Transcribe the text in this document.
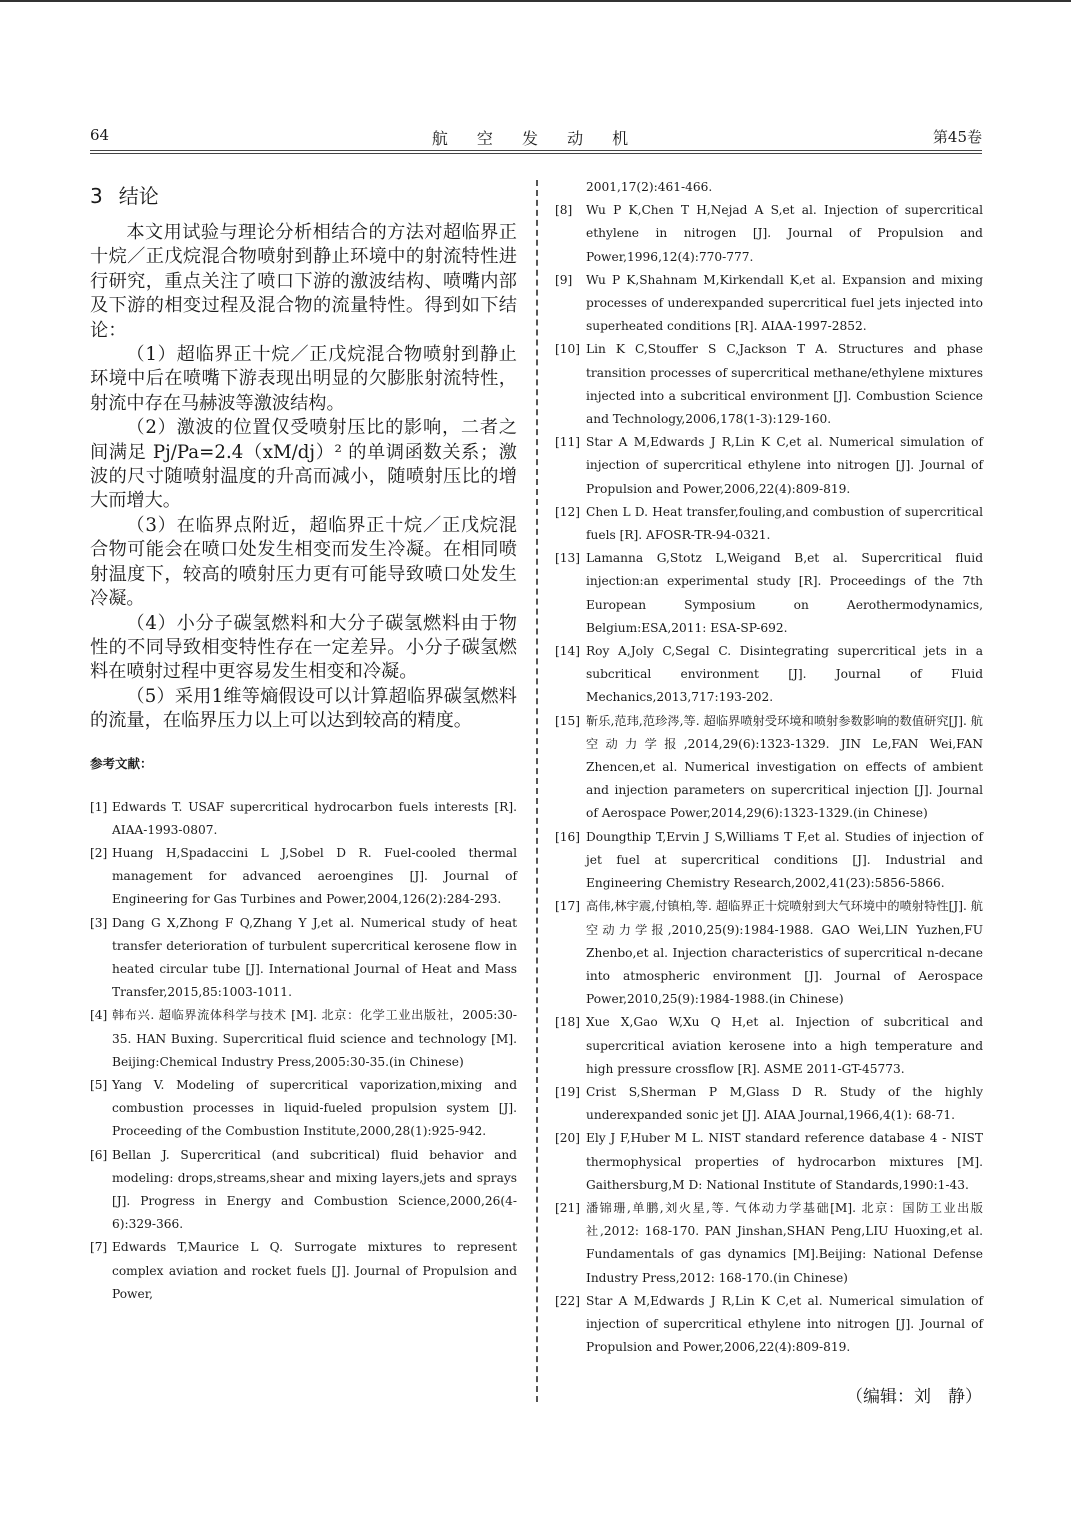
64	航 空 发 动 机	第45卷
3 结论

本文用试验与理论分析相结合的方法对超临界正十烷／正戊烷混合物喷射到静止环境中的射流特性进行研究，重点关注了喷口下游的激波结构、喷嘴内部及下游的相变过程及混合物的流量特性。得到如下结论：

（1）超临界正十烷／正戊烷混合物喷射到静止环境中后在喷嘴下游表现出明显的欠膨胀射流特性，射流中存在马赫波等激波结构。

（2）激波的位置仅受喷射压比的影响，二者之间满足 Pj/Pa=2.4（xM/dj）² 的单调函数关系；激波的尺寸随喷射温度的升高而减小，随喷射压比的增大而增大。

（3）在临界点附近，超临界正十烷／正戊烷混合物可能会在喷口处发生相变而发生冷凝。在相同喷射温度下，较高的喷射压力更有可能导致喷口处发生冷凝。

（4）小分子碳氢燃料和大分子碳氢燃料由于物性的不同导致相变特性存在一定差异。小分子碳氢燃料在喷射过程中更容易发生相变和冷凝。

（5）采用1维等熵假设可以计算超临界碳氢燃料的流量，在临界压力以上可以达到较高的精度。

参考文献：
[1] Edwards T. USAF supercritical hydrocarbon fuels interests [R]. AIAA-1993-0807.
[2] Huang H,Spadaccini L J,Sobel D R. Fuel-cooled thermal management for advanced aeroengines [J]. Journal of Engineering for Gas Turbines and Power,2004,126(2):284-293.
[3] Dang G X,Zhong F Q,Zhang Y J,et al. Numerical study of heat transfer deterioration of turbulent supercritical kerosene flow in heated circular tube [J]. International Journal of Heat and Mass Transfer,2015,85:1003-1011.
[4] 韩布兴. 超临界流体科学与技术 [M]. 北京：化学工业出版社，2005:30-35. HAN Buxing. Supercritical fluid science and technology [M]. Beijing:Chemical Industry Press,2005:30-35.(in Chinese)
[5] Yang V. Modeling of supercritical vaporization,mixing and combustion processes in liquid-fueled propulsion system [J]. Proceeding of the Combustion Institute,2000,28(1):925-942.
[6] Bellan J. Supercritical (and subcritical) fluid behavior and modeling: drops,streams,shear and mixing layers,jets and sprays [J]. Progress in Energy and Combustion Science,2000,26(4-6):329-366.
[7] Edwards T,Maurice L Q. Surrogate mixtures to represent complex aviation and rocket fuels [J]. Journal of Propulsion and Power,
2001,17(2):461-466.
[8]	Wu P K,Chen T H,Nejad A S,et al. Injection of supercritical ethylene in nitrogen [J]. Journal of Propulsion and Power,1996,12(4):770-777.
[9]	Wu P K,Shahnam M,Kirkendall K,et al. Expansion and mixing processes of underexpanded supercritical fuel jets injected into superheated conditions [R]. AIAA-1997-2852.
[10] Lin K C,Stouffer S C,Jackson T A. Structures and phase transition processes of supercritical methane/ethylene mixtures injected into a subcritical environment [J]. Combustion Science and Technology,2006,178(1-3):129-160.
[11] Star A M,Edwards J R,Lin K C,et al. Numerical simulation of injection of supercritical ethylene into nitrogen [J]. Journal of Propulsion and Power,2006,22(4):809-819.
[12] Chen L D. Heat transfer,fouling,and combustion of supercritical fuels [R]. AFOSR-TR-94-0321.
[13] Lamanna G,Stotz L,Weigand B,et al. Supercritical fluid injection:an experimental study [R]. Proceedings of the 7th European Symposium on Aerothermodynamics, Belgium:ESA,2011: ESA-SP-692.
[14] Roy A,Joly C,Segal C. Disintegrating supercritical jets in a subcritical environment [J]. Journal of Fluid Mechanics,2013,717:193-202.
[15] 靳乐,范玮,范珍涔,等. 超临界喷射受环境和喷射参数影响的数值研究[J]. 航空动力学报,2014,29(6):1323-1329. JIN Le,FAN Wei,FAN Zhencen,et al. Numerical investigation on effects of ambient and injection parameters on supercritical injection [J]. Journal of Aerospace Power,2014,29(6):1323-1329.(in Chinese)
[16] Doungthip T,Ervin J S,Williams T F,et al. Studies of injection of jet fuel at supercritical conditions [J]. Industrial and Engineering Chemistry Research,2002,41(23):5856-5866.
[17] 高伟,林宇震,付镇柏,等. 超临界正十烷喷射到大气环境中的喷射特性[J]. 航空动力学报,2010,25(9):1984-1988. GAO Wei,LIN Yuzhen,FU Zhenbo,et al. Injection characteristics of supercritical n-decane into atmospheric environment [J]. Journal of Aerospace Power,2010,25(9):1984-1988.(in Chinese)
[18] Xue X,Gao W,Xu Q H,et al. Injection of subcritical and supercritical aviation kerosene into a high temperature and high pressure crossflow [R]. ASME 2011-GT-45773.
[19] Crist S,Sherman P M,Glass D R. Study of the highly underexpanded sonic jet [J]. AIAA Journal,1966,4(1): 68-71.
[20] Ely J F,Huber M L. NIST standard reference database 4 - NIST thermophysical properties of hydrocarbon mixtures [M]. Gaithersburg,M D: National Institute of Standards,1990:1-43.
[21] 潘锦珊,单鹏,刘火星,等. 气体动力学基础[M]. 北京：国防工业出版社,2012: 168-170. PAN Jinshan,SHAN Peng,LIU Huoxing,et al. Fundamentals of gas dynamics [M].Beijing: National Defense Industry Press,2012: 168-170.(in Chinese)
[22] Star A M,Edwards J R,Lin K C,et al. Numerical simulation of injection of supercritical ethylene into nitrogen [J]. Journal of Propulsion and Power,2006,22(4):809-819.
（编辑：刘　静）
